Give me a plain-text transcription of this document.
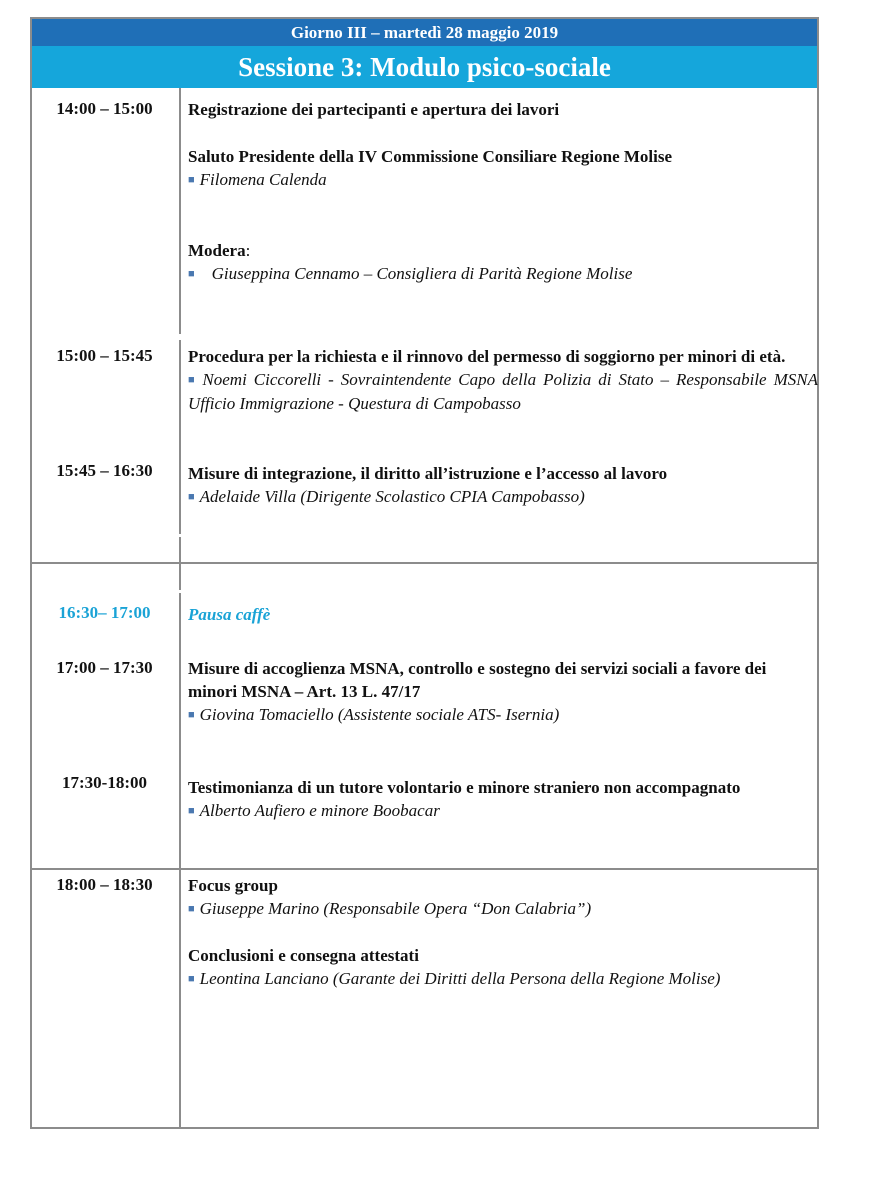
Giorno III – martedì 28 maggio 2019
Sessione 3: Modulo psico-sociale
14:00 – 15:00	Registrazione dei partecipanti e apertura dei lavori
Saluto Presidente della IV Commissione Consiliare Regione Molise
■ Filomena Calenda
Modera:
■ Giuseppina Cennamo – Consigliera di Parità Regione Molise
15:00 – 15:45	Procedura per la richiesta e il rinnovo del permesso di soggiorno per minori di età.
■ Noemi Ciccorelli - Sovraintendente Capo della Polizia di Stato – Responsabile MSNA Ufficio Immigrazione - Questura di Campobasso
15:45 – 16:30	Misure di integrazione, il diritto all’istruzione e l’accesso al lavoro
■ Adelaide Villa (Dirigente Scolastico CPIA Campobasso)
16:30– 17:00	Pausa caffè
17:00 – 17:30	Misure di accoglienza MSNA, controllo e sostegno dei servizi sociali a favore dei minori MSNA – Art. 13 L. 47/17
■ Giovina Tomaciello (Assistente sociale ATS- Isernia)
17:30-18:00	Testimonianza di un tutore volontario e minore straniero non accompagnato
■ Alberto Aufiero e minore Boobacar
18:00 – 18:30	Focus group
■ Giuseppe Marino (Responsabile Opera “Don Calabria”)
Conclusioni e consegna attestati
■ Leontina Lanciano (Garante dei Diritti della Persona della Regione Molise)
